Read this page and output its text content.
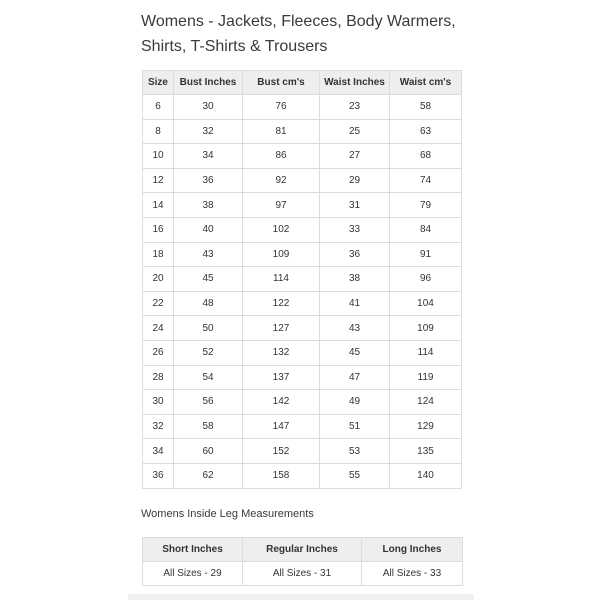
Womens - Jackets, Fleeces, Body Warmers,
Shirts, T-Shirts & Trousers
Size	Bust Inches	Bust cm's	Waist Inches	Waist cm's
6	30	76	23	58
8	32	81	25	63
10	34	86	27	68
12	36	92	29	74
14	38	97	31	79
16	40	102	33	84
18	43	109	36	91
20	45	114	38	96
22	48	122	41	104
24	50	127	43	109
26	52	132	45	114
28	54	137	47	119
30	56	142	49	124
32	58	147	51	129
34	60	152	53	135
36	62	158	55	140
Womens Inside Leg Measurements
Short Inches	Regular Inches	Long Inches
All Sizes - 29	All Sizes - 31	All Sizes - 33
